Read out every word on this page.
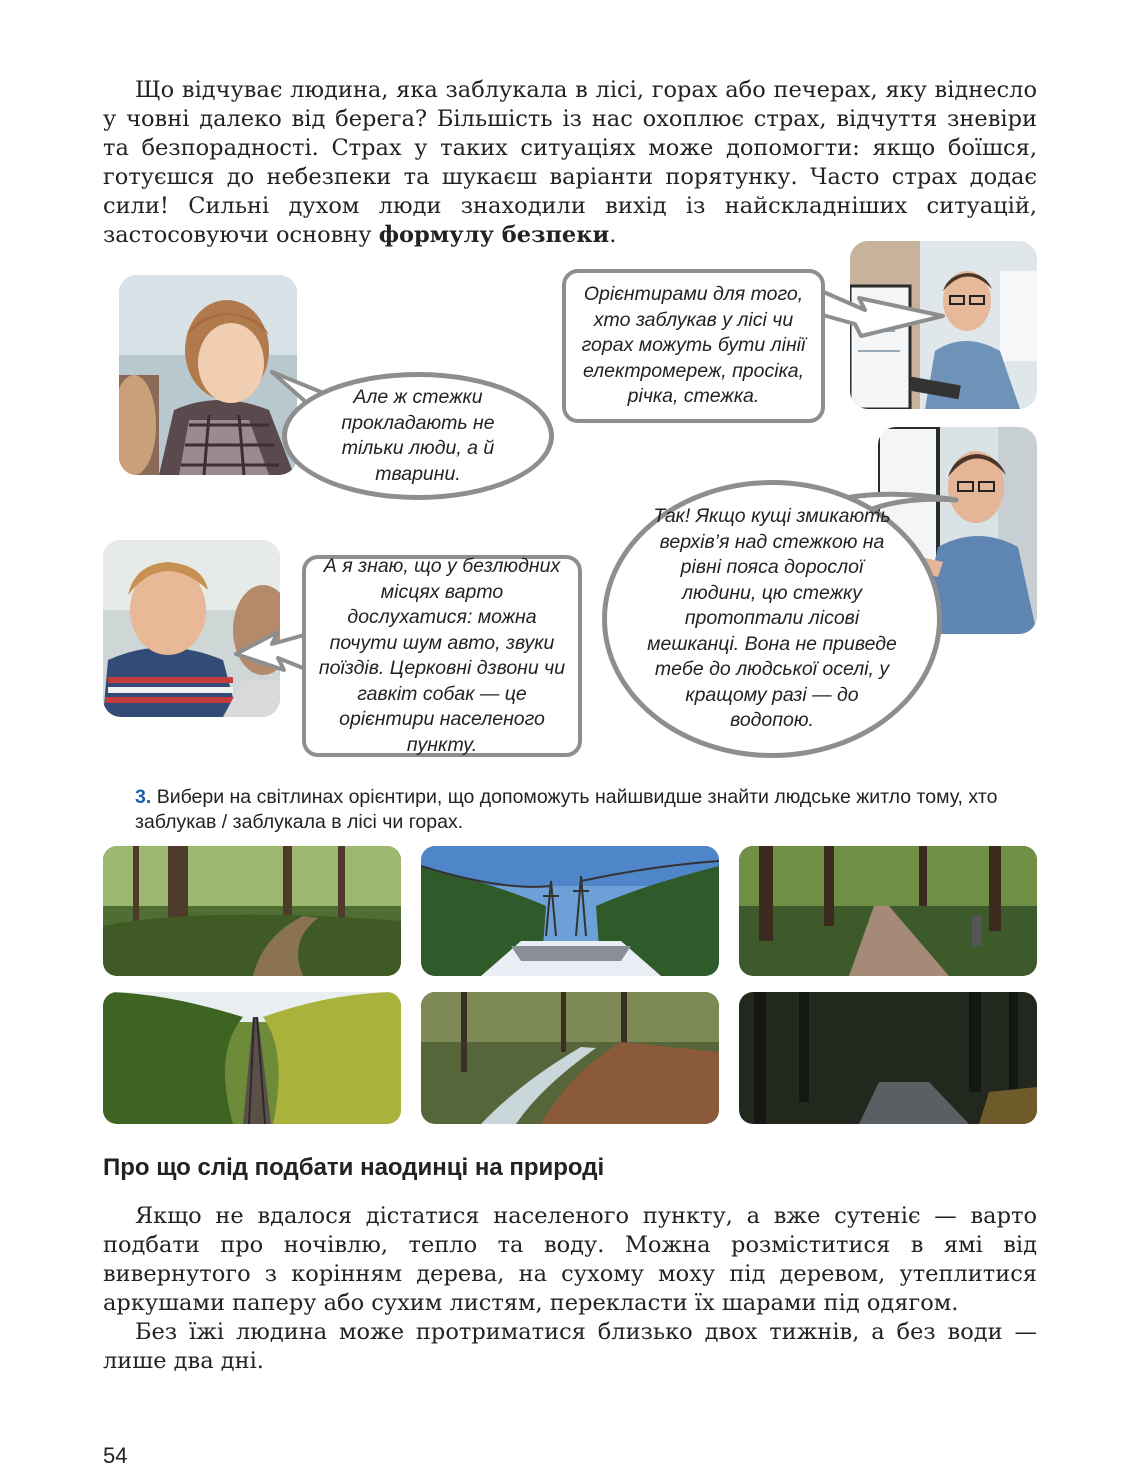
Що відчуває людина, яка заблукала в лісі, горах або печерах, яку віднесло у човні далеко від берега? Більшість із нас охоплює страх, відчуття зневіри та безпорадності. Страх у таких ситуаціях може допомогти: якщо боїшся, готуєшся до небезпеки та шукаєш варіанти порятунку. Часто страх додає сили! Сильні духом люди знаходили вихід із найскладніших ситуацій, застосовуючи основну формулу безпеки.

Але ж стежки прокладають не тільки люди, а й тварини.
Орієнтирами для того, хто заблукав у лісі чи горах можуть бути лінії електромереж, просіка, річка, стежка.
А я знаю, що у безлюдних місцях варто дослухатися: можна почути шум авто, звуки поїздів. Церковні дзвони чи гавкіт собак — це орієнтири населеного пункту.
Так! Якщо кущі змикають верхів’я над стежкою на рівні пояса дорослої людини, цю стежку протоптали лісові мешканці. Вона не приведе тебе до людської оселі, у кращому разі — до водопою.
3. Вибери на світлинах орієнтири, що допоможуть найшвидше знайти людське житло тому, хто заблукав / заблукала в лісі чи горах.
Про що слід подбати наодинці на природі

Якщо не вдалося дістатися населеного пункту, а вже сутеніє — варто подбати про ночівлю, тепло та воду. Можна розміститися в ямі від вивернутого з корінням дерева, на сухому моху під деревом, утеплитися аркушами паперу або сухим листям, перекласти їх шарами під одягом.

Без їжі людина може протриматися близько двох тижнів, а без води — лише два дні.

54
